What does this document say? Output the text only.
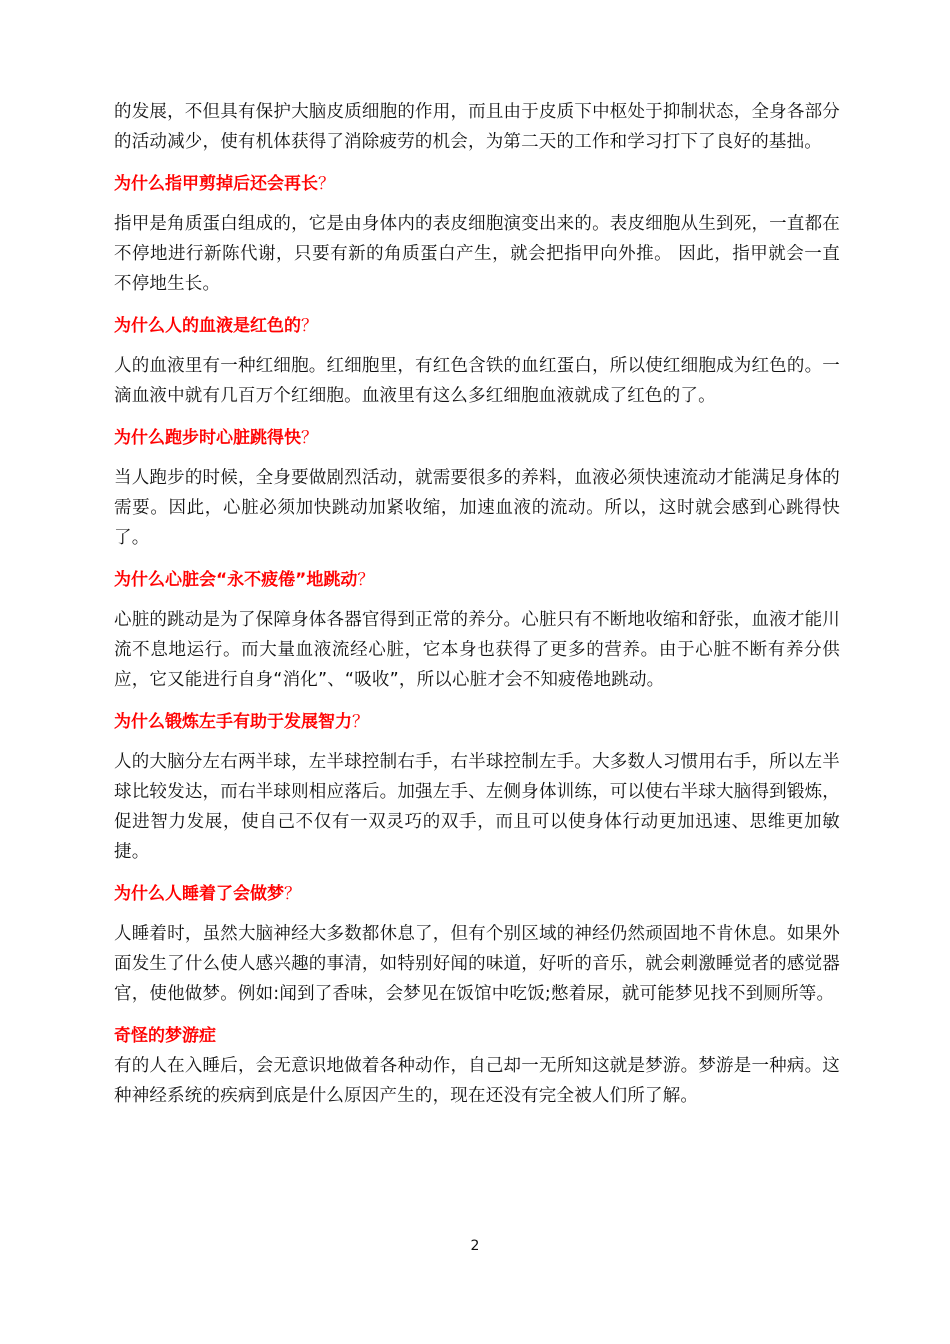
的发展，不但具有保护大脑皮质细胞的作用，而且由于皮质下中枢处于抑制状态，全身各部分的活动减少，使有机体获得了消除疲劳的机会，为第二天的工作和学习打下了良好的基拙。

为什么指甲剪掉后还会再长？

指甲是角质蛋白组成的，它是由身体内的表皮细胞演变出来的。表皮细胞从生到死，一直都在不停地进行新陈代谢，只要有新的角质蛋白产生，就会把指甲向外推。 因此，指甲就会一直不停地生长。

为什么人的血液是红色的？

人的血液里有一种红细胞。红细胞里，有红色含铁的血红蛋白，所以使红细胞成为红色的。一滴血液中就有几百万个红细胞。血液里有这么多红细胞血液就成了红色的了。

为什么跑步时心脏跳得快？

当人跑步的时候，全身要做剧烈活动，就需要很多的养料，血液必须快速流动才能满足身体的需要。因此，心脏必须加快跳动加紧收缩，加速血液的流动。所以，这时就会感到心跳得快了。

为什么心脏会“永不疲倦”地跳动？

心脏的跳动是为了保障身体各器官得到正常的养分。心脏只有不断地收缩和舒张，血液才能川流不息地运行。而大量血液流经心脏，它本身也获得了更多的营养。由于心脏不断有养分供应，它又能进行自身“消化”、“吸收”，所以心脏才会不知疲倦地跳动。

为什么锻炼左手有助于发展智力？

人的大脑分左右两半球，左半球控制右手，右半球控制左手。大多数人习惯用右手，所以左半球比较发达，而右半球则相应落后。加强左手、左侧身体训练，可以使右半球大脑得到锻炼，促进智力发展，使自己不仅有一双灵巧的双手，而且可以使身体行动更加迅速、思维更加敏捷。

为什么人睡着了会做梦？

人睡着时，虽然大脑神经大多数都休息了，但有个别区域的神经仍然顽固地不肯休息。如果外面发生了什么使人感兴趣的事清，如特别好闻的味道，好听的音乐，就会刺激睡觉者的感觉器官，使他做梦。例如:闻到了香味，会梦见在饭馆中吃饭;憋着尿，就可能梦见找不到厕所等。

奇怪的梦游症

有的人在入睡后，会无意识地做着各种动作，自己却一无所知这就是梦游。梦游是一种病。这种神经系统的疾病到底是什么原因产生的，现在还没有完全被人们所了解。

2
